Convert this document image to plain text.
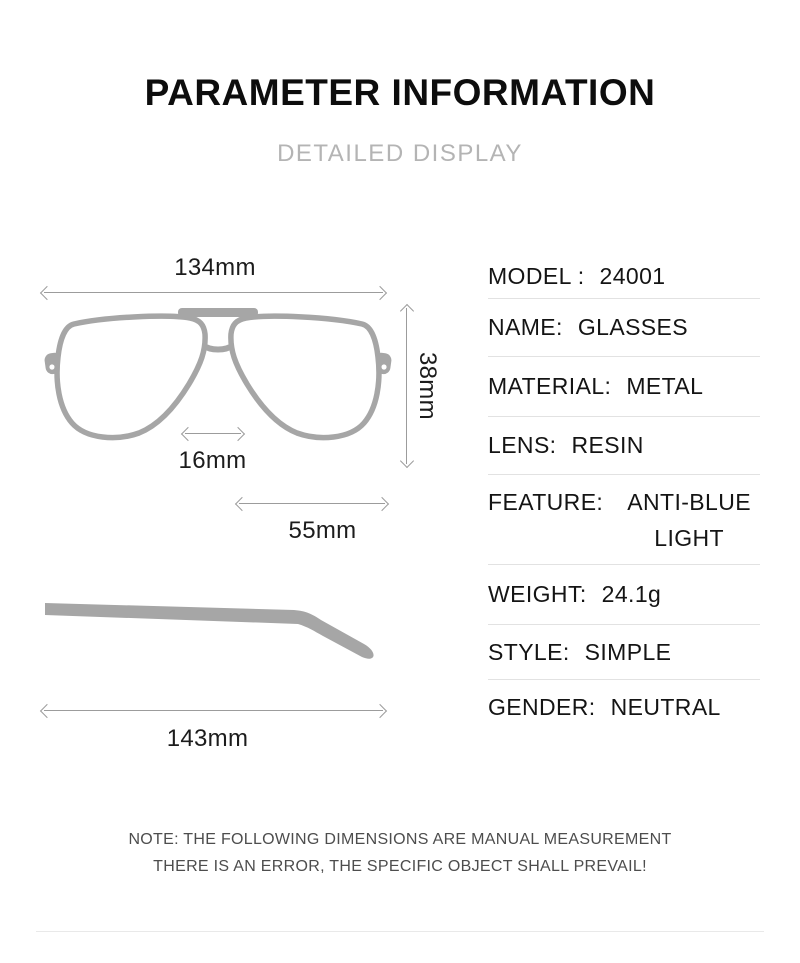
PARAMETER INFORMATION
DETAILED DISPLAY
134mm
38mm
16mm
55mm
143mm
MODEL : 24001
NAME: GLASSES
MATERIAL: METAL
LENS: RESIN
FEATURE:	ANTI-BLUE
LIGHT
WEIGHT: 24.1g
STYLE: SIMPLE
GENDER: NEUTRAL
NOTE: THE FOLLOWING DIMENSIONS ARE MANUAL MEASUREMENT
THERE IS AN ERROR, THE SPECIFIC OBJECT SHALL PREVAIL!
